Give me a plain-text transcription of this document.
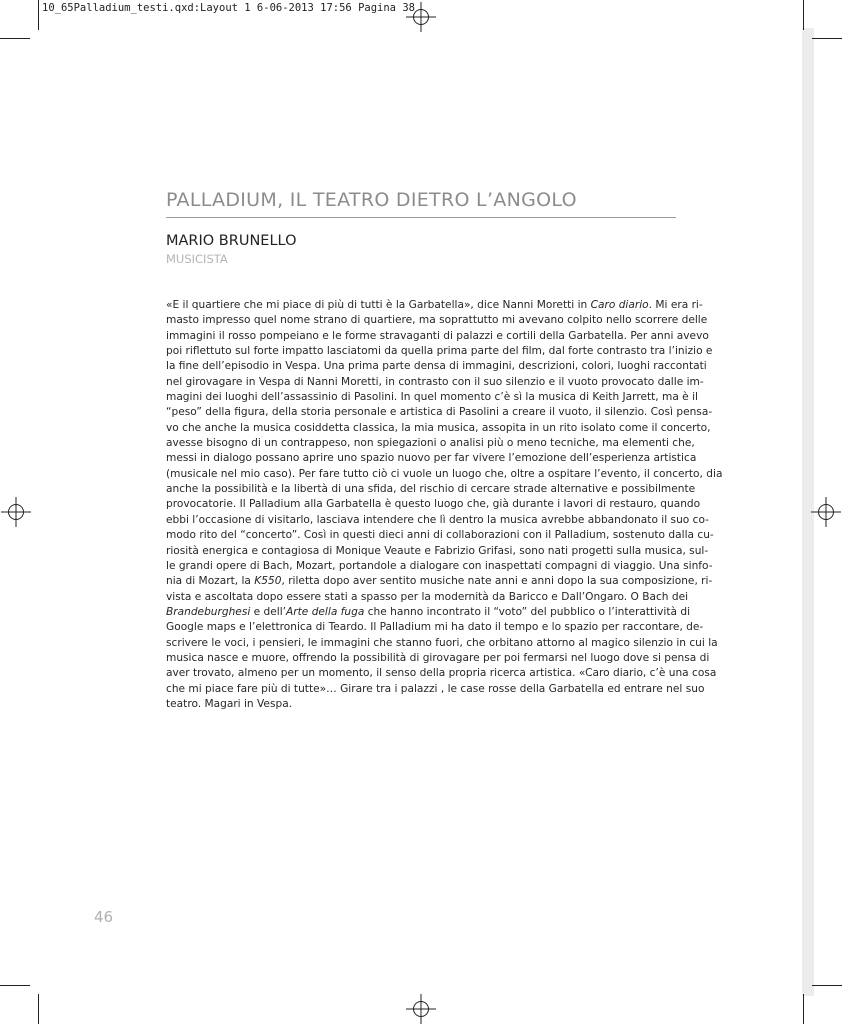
10_65Palladium_testi.qxd:Layout 1 6-06-2013 17:56 Pagina 38
PALLADIUM, IL TEATRO DIETRO L’ANGOLO
MARIO BRUNELLO
MUSICISTA
«E il quartiere che mi piace di più di tutti è la Garbatella», dice Nanni Moretti in Caro diario. Mi era ri-
masto impresso quel nome strano di quartiere, ma soprattutto mi avevano colpito nello scorrere delle
immagini il rosso pompeiano e le forme stravaganti di palazzi e cortili della Garbatella. Per anni avevo
poi riflettuto sul forte impatto lasciatomi da quella prima parte del film, dal forte contrasto tra l’inizio e
la fine dell’episodio in Vespa. Una prima parte densa di immagini, descrizioni, colori, luoghi raccontati
nel girovagare in Vespa di Nanni Moretti, in contrasto con il suo silenzio e il vuoto provocato dalle im-
magini dei luoghi dell’assassinio di Pasolini. In quel momento c’è sì la musica di Keith Jarrett, ma è il
“peso” della figura, della storia personale e artistica di Pasolini a creare il vuoto, il silenzio. Così pensa-
vo che anche la musica cosiddetta classica, la mia musica, assopita in un rito isolato come il concerto,
avesse bisogno di un contrappeso, non spiegazioni o analisi più o meno tecniche, ma elementi che,
messi in dialogo possano aprire uno spazio nuovo per far vivere l’emozione dell’esperienza artistica
(musicale nel mio caso). Per fare tutto ciò ci vuole un luogo che, oltre a ospitare l’evento, il concerto, dia
anche la possibilità e la libertà di una sfida, del rischio di cercare strade alternative e possibilmente
provocatorie. Il Palladium alla Garbatella è questo luogo che, già durante i lavori di restauro, quando
ebbi l’occasione di visitarlo, lasciava intendere che lì dentro la musica avrebbe abbandonato il suo co-
modo rito del “concerto”. Così in questi dieci anni di collaborazioni con il Palladium, sostenuto dalla cu-
riosità energica e contagiosa di Monique Veaute e Fabrizio Grifasi, sono nati progetti sulla musica, sul-
le grandi opere di Bach, Mozart, portandole a dialogare con inaspettati compagni di viaggio. Una sinfo-
nia di Mozart, la K550, riletta dopo aver sentito musiche nate anni e anni dopo la sua composizione, ri-
vista e ascoltata dopo essere stati a spasso per la modernità da Baricco e Dall’Ongaro. O Bach dei
Brandeburghesi e dell’Arte della fuga che hanno incontrato il “voto” del pubblico o l’interattività di
Google maps e l’elettronica di Teardo. Il Palladium mi ha dato il tempo e lo spazio per raccontare, de-
scrivere le voci, i pensieri, le immagini che stanno fuori, che orbitano attorno al magico silenzio in cui la
musica nasce e muore, offrendo la possibilità di girovagare per poi fermarsi nel luogo dove si pensa di
aver trovato, almeno per un momento, il senso della propria ricerca artistica. «Caro diario, c’è una cosa
che mi piace fare più di tutte»… Girare tra i palazzi , le case rosse della Garbatella ed entrare nel suo
teatro. Magari in Vespa.
46
